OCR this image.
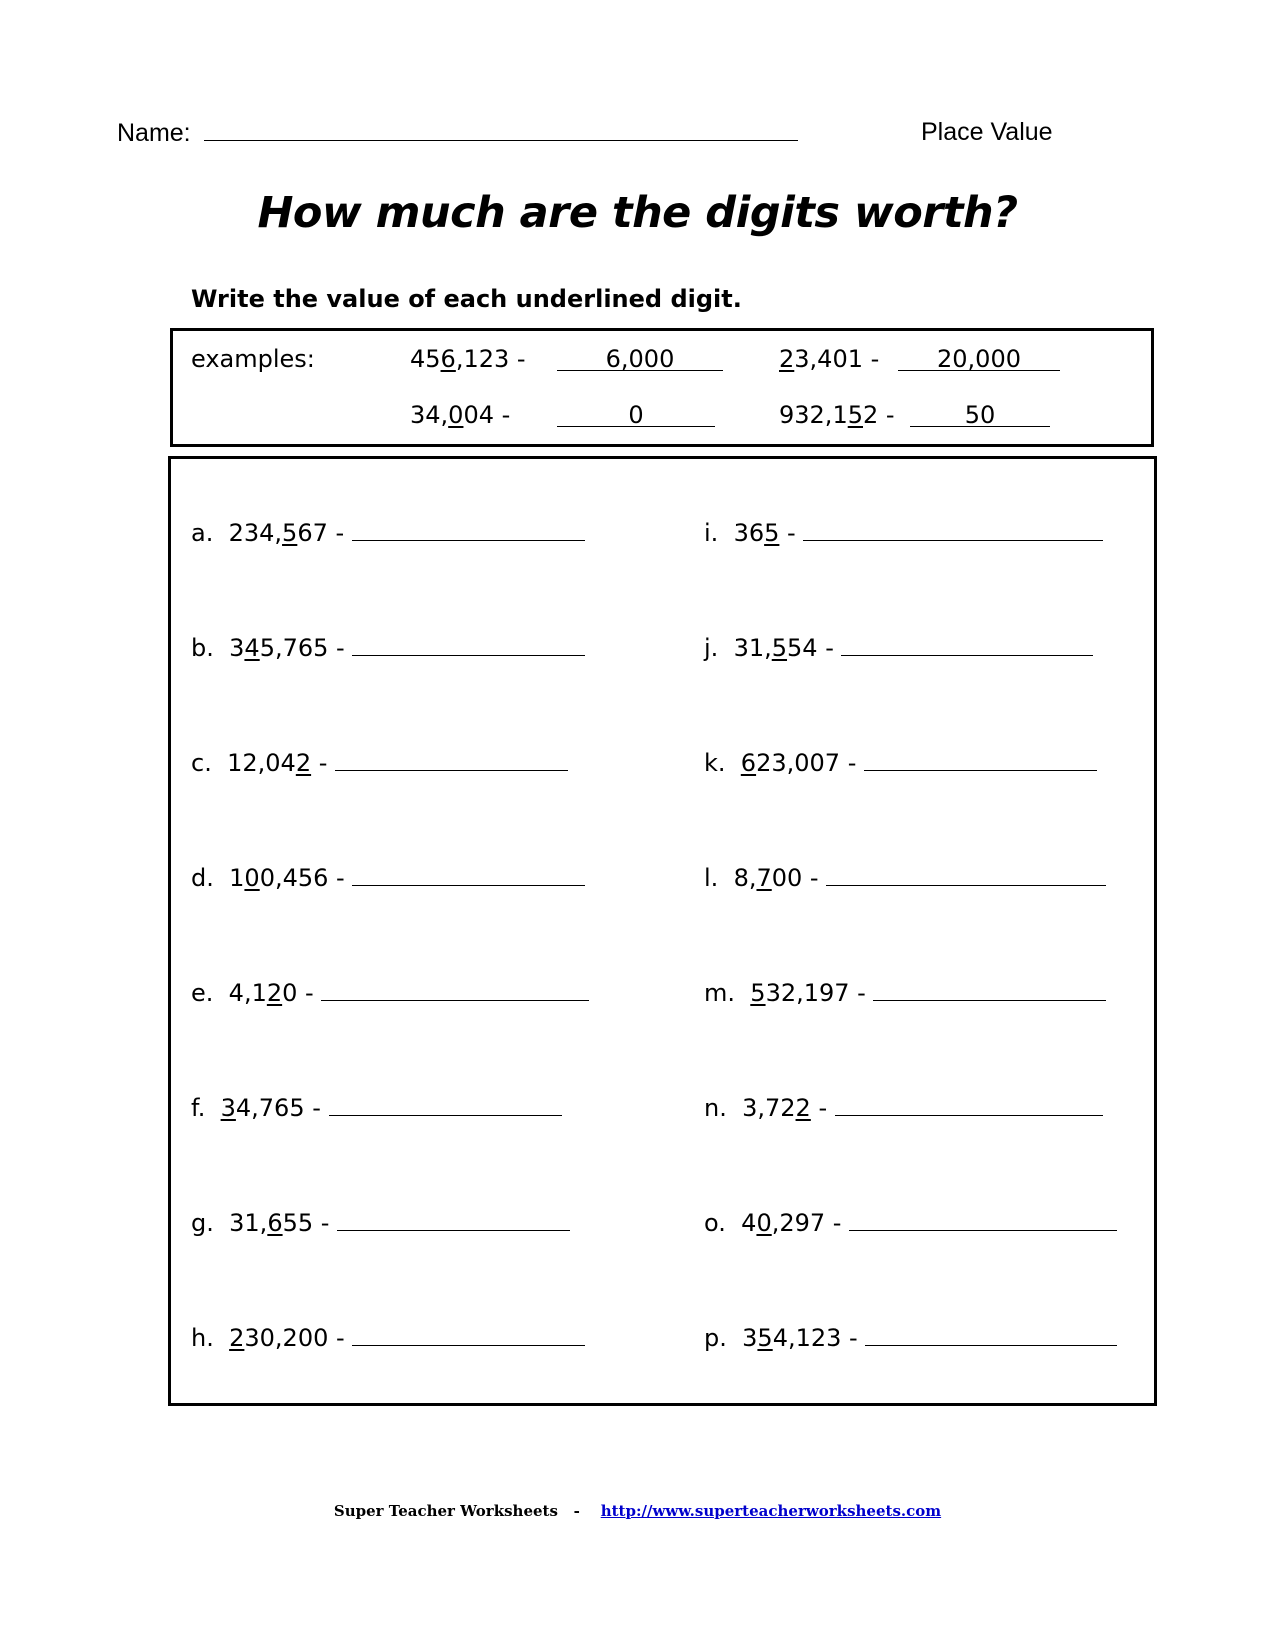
Name:	Place Value
How much are the digits worth?
Write the value of each underlined digit.
examples:	456,123 -	6,000	23,401 -	20,000
34,004 -	0	932,152 -	50
a. 234,567 -
b. 345,765 -
c. 12,042 -
d. 100,456 -
e. 4,120 -
f. 34,765 -
g. 31,655 -
h. 230,200 -
i. 365 -
j. 31,554 -
k. 623,007 -
l. 8,700 -
m. 532,197 -
n. 3,722 -
o. 40,297 -
p. 354,123 -
Super Teacher Worksheets - http://www.superteacherworksheets.com
